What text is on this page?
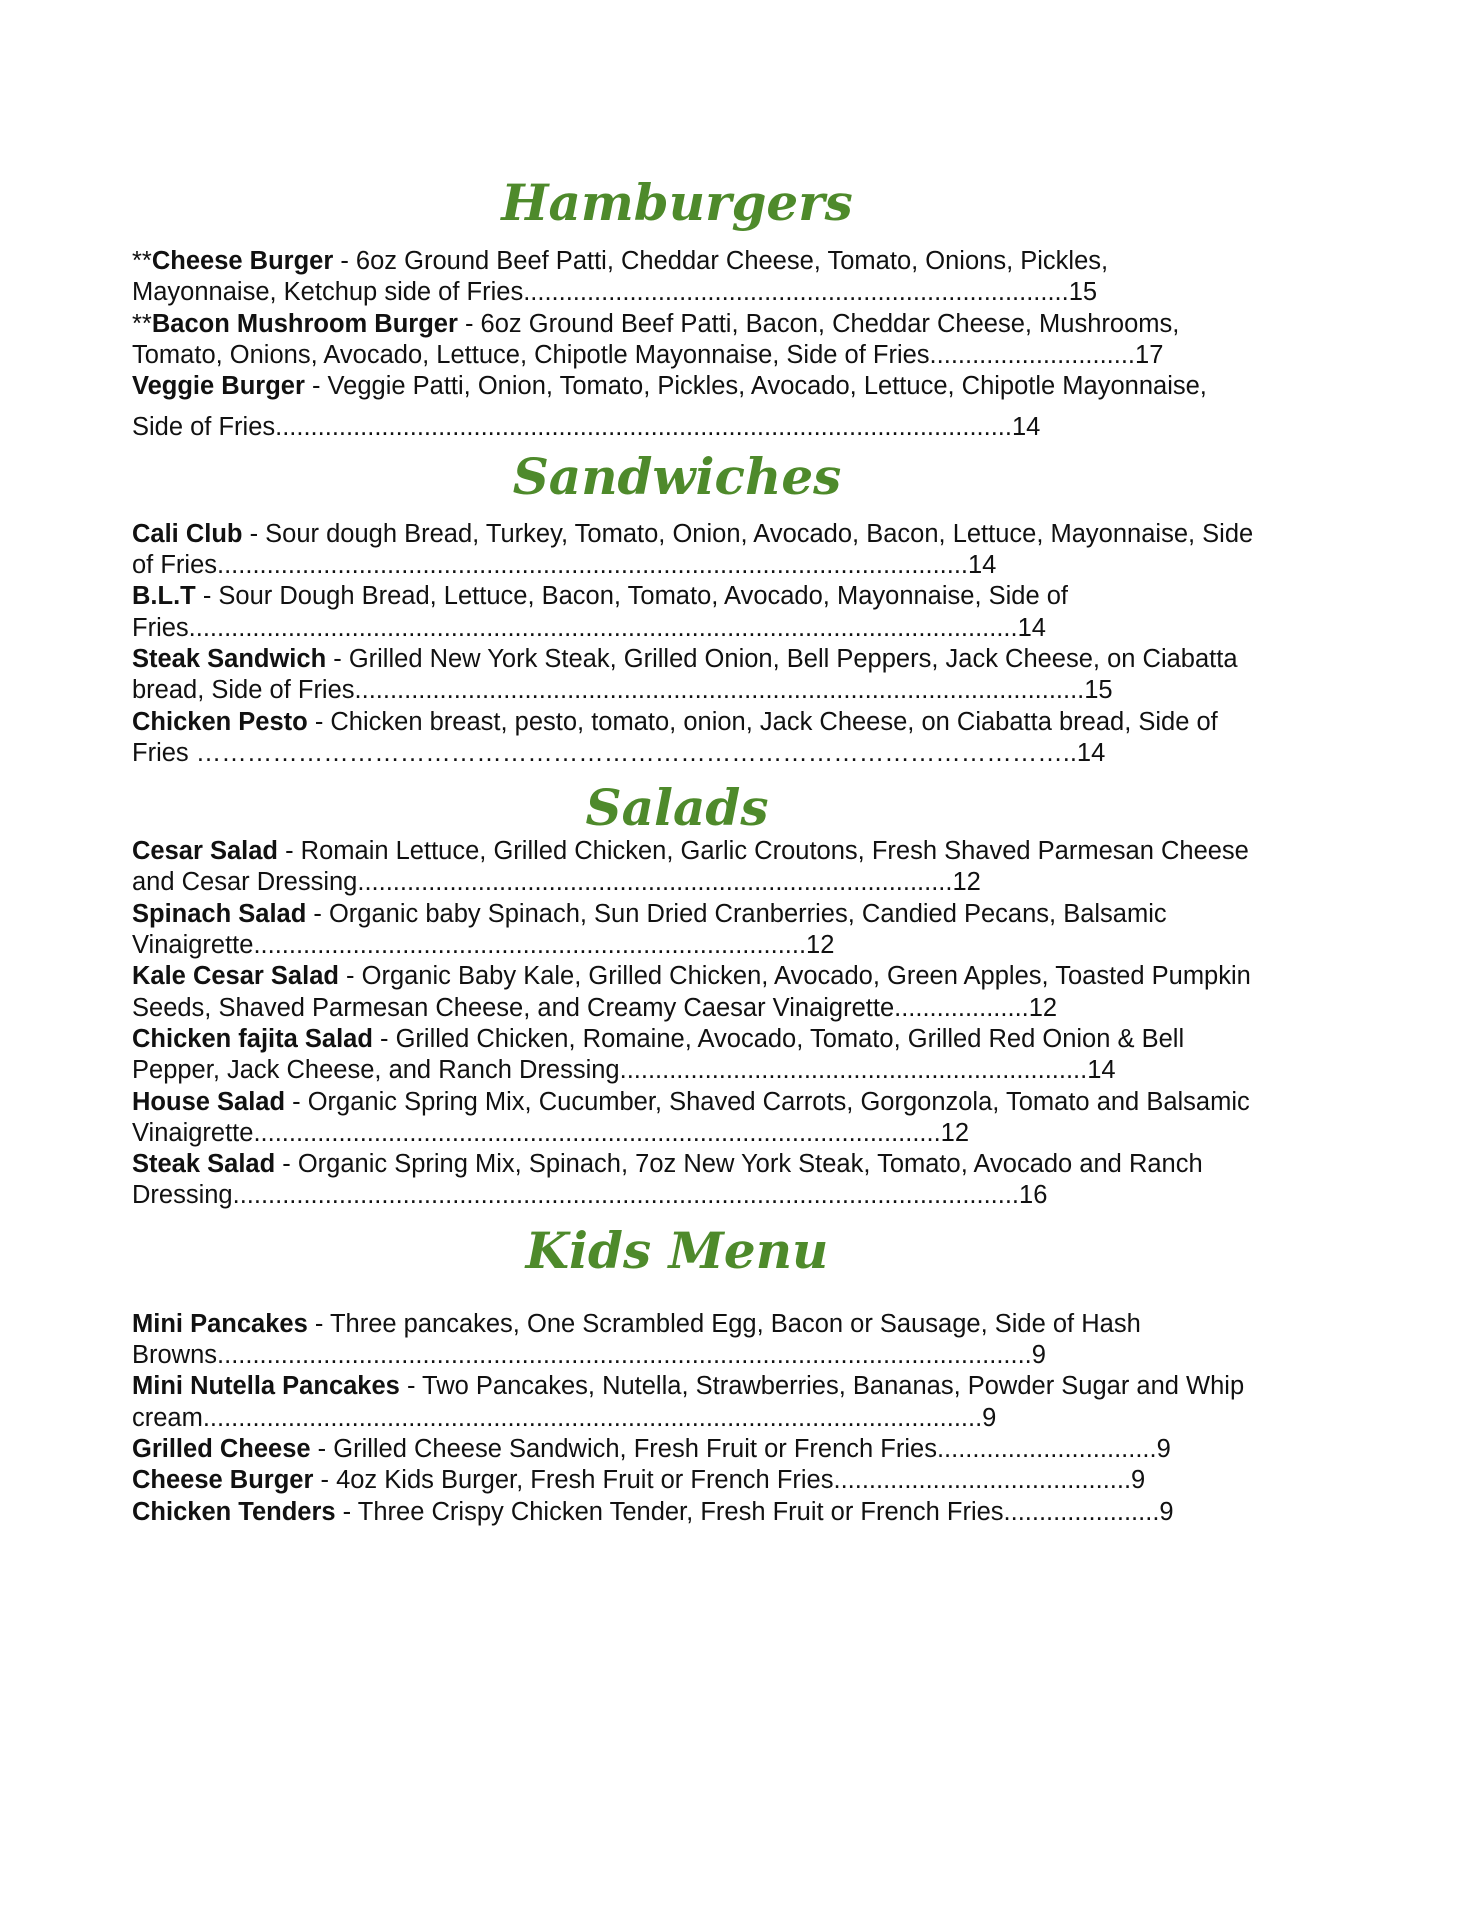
Hamburgers

**Cheese Burger - 6oz Ground Beef Patti, Cheddar Cheese, Tomato, Onions, Pickles,
Mayonnaise, Ketchup side of Fries.............................................................................15

**Bacon Mushroom Burger - 6oz Ground Beef Patti, Bacon, Cheddar Cheese, Mushrooms,
Tomato, Onions, Avocado, Lettuce, Chipotle Mayonnaise, Side of Fries.............................17

Veggie Burger - Veggie Patti, Onion, Tomato, Pickles, Avocado, Lettuce, Chipotle Mayonnaise,
Side of Fries........................................................................................................14

Sandwiches

Cali Club - Sour dough Bread, Turkey, Tomato, Onion, Avocado, Bacon, Lettuce, Mayonnaise, Side
of Fries..........................................................................................................14

B.L.T - Sour Dough Bread, Lettuce, Bacon, Tomato, Avocado, Mayonnaise, Side of
Fries.....................................................................................................................14

Steak Sandwich - Grilled New York Steak, Grilled Onion, Bell Peppers, Jack Cheese, on Ciabatta
bread, Side of Fries.......................................................................................................15

Chicken Pesto - Chicken breast, pesto, tomato, onion, Jack Cheese, on Ciabatta bread, Side of
Fries …………………………………………………………………………………………..14

Salads

Cesar Salad - Romain Lettuce, Grilled Chicken, Garlic Croutons, Fresh Shaved Parmesan Cheese
and Cesar Dressing....................................................................................12

Spinach Salad - Organic baby Spinach, Sun Dried Cranberries, Candied Pecans, Balsamic
Vinaigrette..............................................................................12

Kale Cesar Salad - Organic Baby Kale, Grilled Chicken, Avocado, Green Apples, Toasted Pumpkin
Seeds, Shaved Parmesan Cheese, and Creamy Caesar Vinaigrette...................12

Chicken fajita Salad - Grilled Chicken, Romaine, Avocado, Tomato, Grilled Red Onion & Bell
Pepper, Jack Cheese, and Ranch Dressing..................................................................14

House Salad - Organic Spring Mix, Cucumber, Shaved Carrots, Gorgonzola, Tomato and Balsamic
Vinaigrette.................................................................................................12

Steak Salad - Organic Spring Mix, Spinach, 7oz New York Steak, Tomato, Avocado and Ranch
Dressing...............................................................................................................16

Kids Menu

Mini Pancakes - Three pancakes, One Scrambled Egg, Bacon or Sausage, Side of Hash
Browns...................................................................................................................9

Mini Nutella Pancakes - Two Pancakes, Nutella, Strawberries, Bananas, Powder Sugar and Whip
cream..............................................................................................................9

Grilled Cheese - Grilled Cheese Sandwich, Fresh Fruit or French Fries...............................9

Cheese Burger - 4oz Kids Burger, Fresh Fruit or French Fries..........................................9

Chicken Tenders - Three Crispy Chicken Tender, Fresh Fruit or French Fries......................9
